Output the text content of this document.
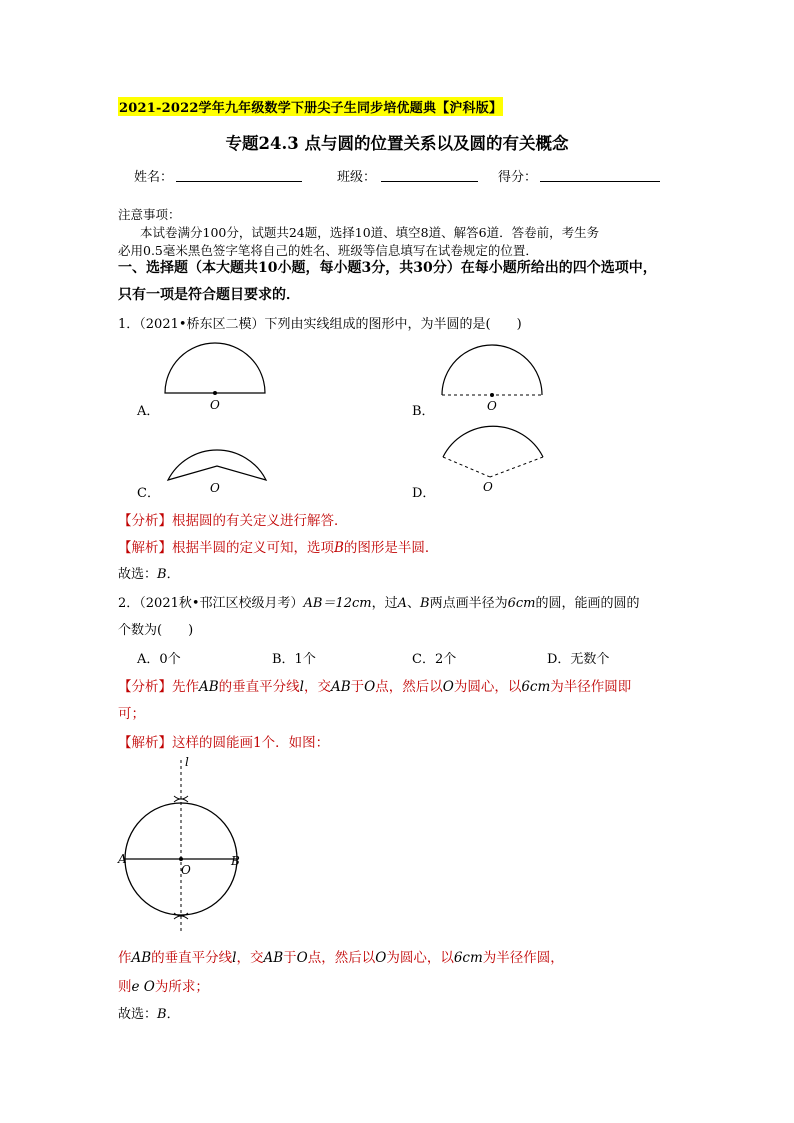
2021-2022学年九年级数学下册尖子生同步培优题典【沪科版】
专题24.3 点与圆的位置关系以及圆的有关概念
姓名：	班级：	得分：
注意事项：
本试卷满分100分，试题共24题，选择10道、填空8道、解答6道．答卷前，考生务
必用0.5毫米黑色签字笔将自己的姓名、班级等信息填写在试卷规定的位置．
一、选择题（本大题共10小题，每小题3分，共30分）在每小题所给出的四个选项中，
只有一项是符合题目要求的．
1．（2021•桥东区二模）下列由实线组成的图形中，为半圆的是(　　)
A．	O	B．	O
C．	O	D．	O
【分析】根据圆的有关定义进行解答．
【解析】根据半圆的定义可知，选项B的图形是半圆．
故选：B．
2．（2021秋•邗江区校级月考）AB＝12cm，过A、B两点画半径为6cm的圆，能画的圆的
个数为(　　)
A．0个	B．1个	C．2个	D．无数个
【分析】先作AB的垂直平分线l，交AB于O点，然后以O为圆心，以6cm为半径作圆即
可；
【解析】这样的圆能画1个．如图：
l
A	B
O
作AB的垂直平分线l，交AB于O点，然后以O为圆心，以6cm为半径作圆，
则e O为所求；
故选：B．
